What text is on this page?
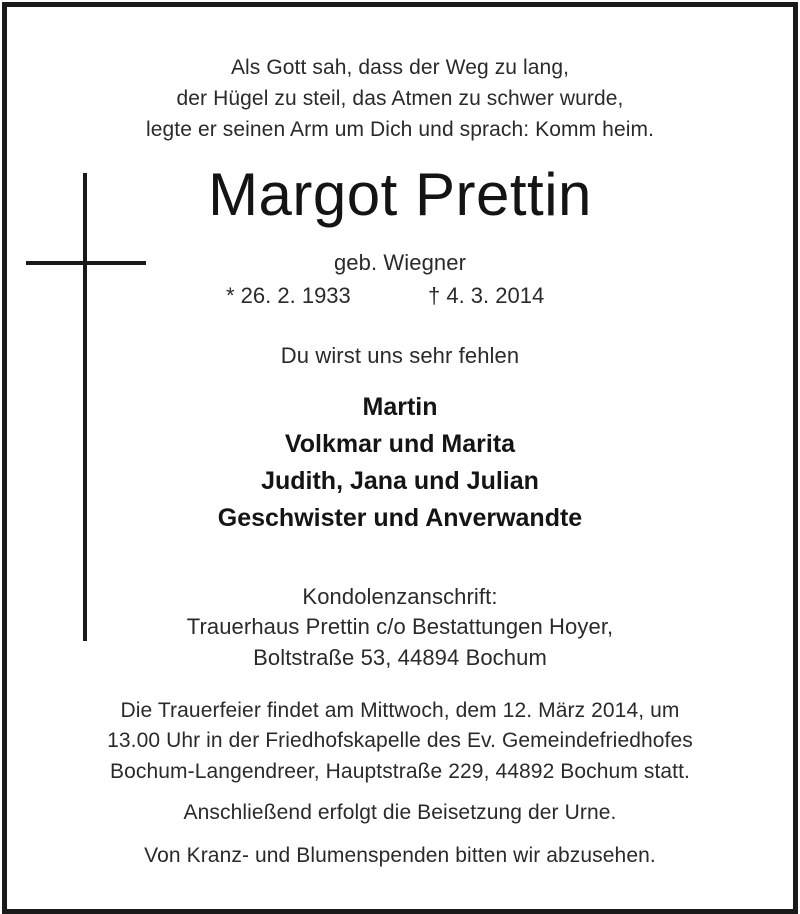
Als Gott sah, dass der Weg zu lang,
der Hügel zu steil, das Atmen zu schwer wurde,
legte er seinen Arm um Dich und sprach: Komm heim.
Margot Prettin
geb. Wiegner
* 26. 2. 1933	† 4. 3. 2014
Du wirst uns sehr fehlen
Martin
Volkmar und Marita
Judith, Jana und Julian
Geschwister und Anverwandte
Kondolenzanschrift:
Trauerhaus Prettin c/o Bestattungen Hoyer,
Boltstraße 53, 44894 Bochum
Die Trauerfeier findet am Mittwoch, dem 12. März 2014, um
13.00 Uhr in der Friedhofskapelle des Ev. Gemeindefriedhofes
Bochum-Langendreer, Hauptstraße 229, 44892 Bochum statt.
Anschließend erfolgt die Beisetzung der Urne.
Von Kranz- und Blumenspenden bitten wir abzusehen.
